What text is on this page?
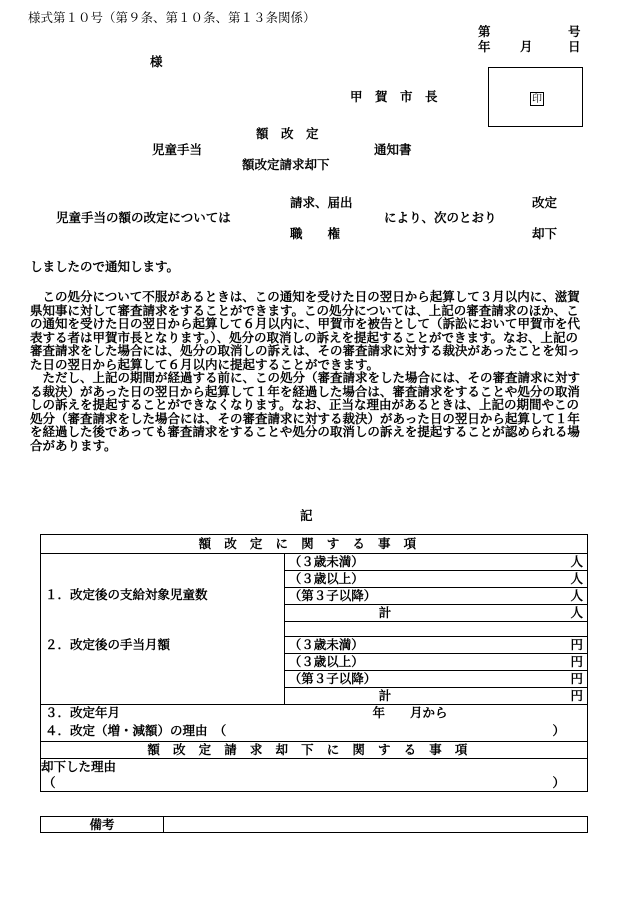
様式第１０号（第９条、第１０条、第１３条関係）
第	号
年 月	日
様
甲　賀　市　長	印
額　改　定
児童手当	通知書
額改定請求却下
請求、届出	改定
児童手当の額の改定については	により、次のとおり
職　　権	却下
しましたので通知します。

この処分について不服があるときは、この通知を受けた日の翌日から起算して３月以内に、滋賀県知事に対して審査請求をすることができます。この処分については、上記の審査請求のほか、この通知を受けた日の翌日から起算して６月以内に、甲賀市を被告として（訴訟において甲賀市を代表する者は甲賀市長となります。）、処分の取消しの訴えを提起することができます。なお、上記の審査請求をした場合には、処分の取消しの訴えは、その審査請求に対する裁決があったことを知った日の翌日から起算して６月以内に提起することができます。

ただし、上記の期間が経過する前に、この処分（審査請求をした場合には、その審査請求に対する裁決）があった日の翌日から起算して１年を経過した場合は、審査請求をすることや処分の取消しの訴えを提起することができなくなります。なお、正当な理由があるときは、上記の期間やこの処分（審査請求をした場合には、その審査請求に対する裁決）があった日の翌日から起算して１年を経過した後であっても審査請求をすることや処分の取消しの訴えを提起することが認められる場合があります。

記
額改定に関する事項	
１．改定後の支給対象児童数	（３歳未満） 人

	（３歳以上） 人

	（第３子以降） 人

	計 人

２．改定後の手当月額	（３歳未満） 円

	（３歳以上） 円

	（第３子以降） 円

	計 円

３．改定年月 年　　月から	

４．改定（増・減額）の理由　（ ）	

額改定請求却下に関する事項	
却下した理由	
（ ）	
備考
